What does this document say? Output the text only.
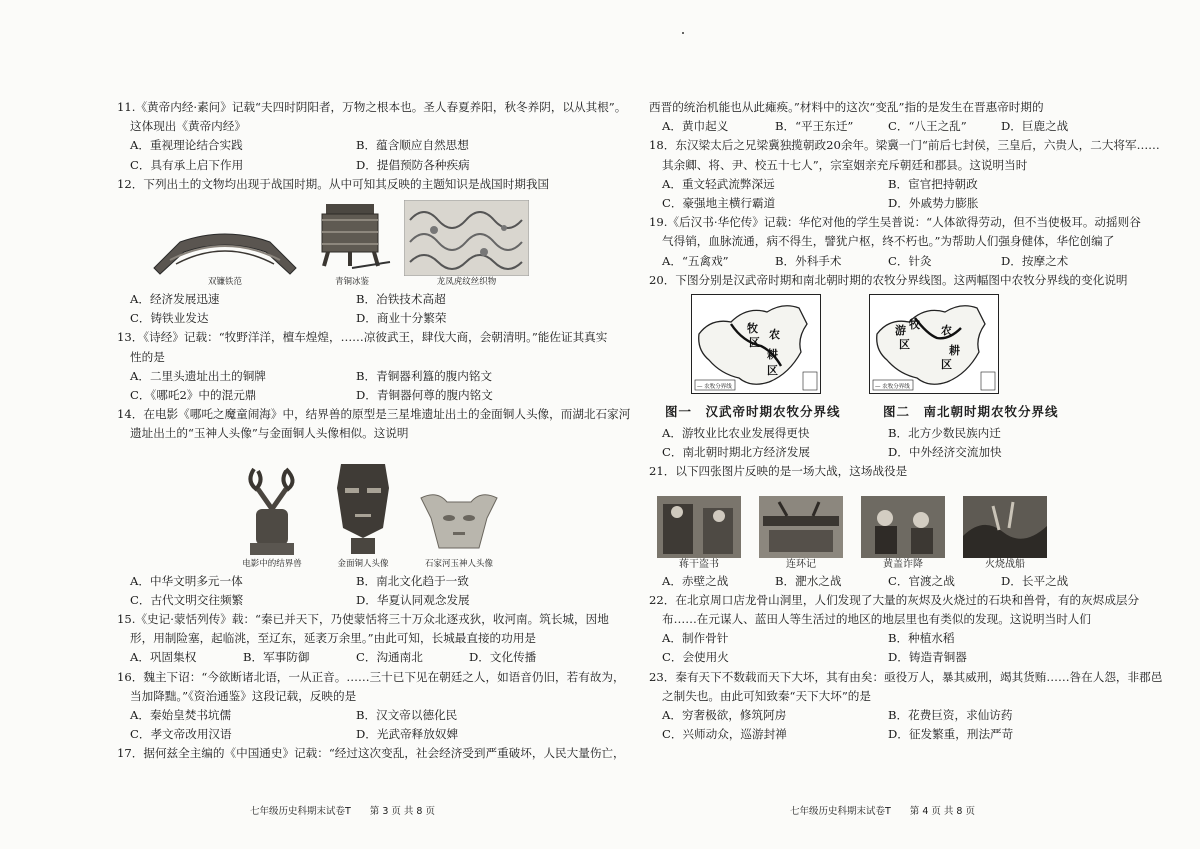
11.《黄帝内经·素问》记载“夫四时阴阳者，万物之根本也。圣人春夏养阳，秋冬养阴，以从其根”。
这体现出《黄帝内经》
A．重视理论结合实践	B．蕴含顺应自然思想
C．具有承上启下作用	D．提倡预防各种疾病
12．下列出土的文物均出现于战国时期。从中可知其反映的主题知识是战国时期我国
双镰铁范	青铜冰鉴	龙凤虎纹丝织物
A．经济发展迅速	B．冶铁技术高超
C．铸铁业发达	D．商业十分繁荣
13．《诗经》记载：“牧野洋洋，檀车煌煌，……凉彼武王，肆伐大商，会朝清明。”能佐证其真实
性的是
A．二里头遗址出土的铜牌	B．青铜器利簋的腹内铭文
C．《哪吒2》中的混元鼎	D．青铜器何尊的腹内铭文
14．在电影《哪吒之魔童闹海》中，结界兽的原型是三星堆遗址出土的金面铜人头像，而湖北石家河
遗址出土的“玉神人头像”与金面铜人头像相似。这说明
电影中的结界兽	金面铜人头像	石家河玉神人头像
A．中华文明多元一体	B．南北文化趋于一致
C．古代文明交往频繁	D．华夏认同观念发展
15.《史记·蒙恬列传》载：“秦已并天下，乃使蒙恬将三十万众北逐戎狄，收河南。筑长城，因地
形，用制险塞，起临洮，至辽东，延袤万余里。”由此可知，长城最直接的功用是
A．巩固集权	B．军事防御	C．沟通南北	D．文化传播
16．魏主下诏：“今欲断诸北语，一从正音。……三十已下见在朝廷之人，如语音仍旧，若有故为，
当加降黜。”《资治通鉴》这段记载，反映的是
A．秦始皇焚书坑儒	B．汉文帝以德化民
C．孝文帝改用汉语	D．光武帝释放奴婢
17．据何兹全主编的《中国通史》记载：“经过这次变乱，社会经济受到严重破坏，人民大量伤亡，
七年级历史科期末试卷T　　第 3 页 共 8 页
西晋的统治机能也从此瘫痪。”材料中的这次“变乱”指的是发生在晋惠帝时期的
A．黄巾起义	B．“平王东迁”	C．“八王之乱”	D．巨鹿之战
18．东汉梁太后之兄梁冀独揽朝政20余年。梁冀一门“前后七封侯，三皇后，六贵人，二大将军……
其余卿、将、尹、校五十七人”，宗室姻亲充斥朝廷和郡县。这说明当时
A．重文轻武流弊深远	B．宦官把持朝政
C．豪强地主横行霸道	D．外戚势力膨胀
19.《后汉书·华佗传》记载：华佗对他的学生吴普说：“人体欲得劳动，但不当使极耳。动摇则谷
气得销，血脉流通，病不得生，譬犹户枢，终不朽也。”为帮助人们强身健体，华佗创编了
A．“五禽戏”	B．外科手术	C．针灸	D．按摩之术
20．下图分别是汉武帝时期和南北朝时期的农牧分界线图。这两幅图中农牧分界线的变化说明
牧
区
农
耕
区
— 农牧分界线
游 牧
区
农
耕
区
— 农牧分界线
图一　汉武帝时期农牧分界线	图二　南北朝时期农牧分界线
A．游牧业比农业发展得更快	B．北方少数民族内迁
C．南北朝时期北方经济发展	D．中外经济交流加快
21．以下四张图片反映的是一场大战，这场战役是
蒋干盗书	连环记	黄盖诈降	火烧战船
A．赤壁之战	B．淝水之战	C．官渡之战	D．长平之战
22．在北京周口店龙骨山洞里，人们发现了大量的灰烬及火烧过的石块和兽骨，有的灰烬成层分
布……在元谋人、蓝田人等生活过的地区的地层里也有类似的发现。这说明当时人们
A．制作骨针	B．种植水稻
C．会使用火	D．铸造青铜器
23．秦有天下不数载而天下大坏，其有由矣：亟役万人，暴其威刑，竭其货贿……咎在人怨，非郡邑
之制失也。由此可知致秦“天下大坏”的是
A．穷奢极欲，修筑阿房	B．花费巨资，求仙访药
C．兴师动众，巡游封禅	D．征发繁重，刑法严苛
七年级历史科期末试卷T　　第 4 页 共 8 页
